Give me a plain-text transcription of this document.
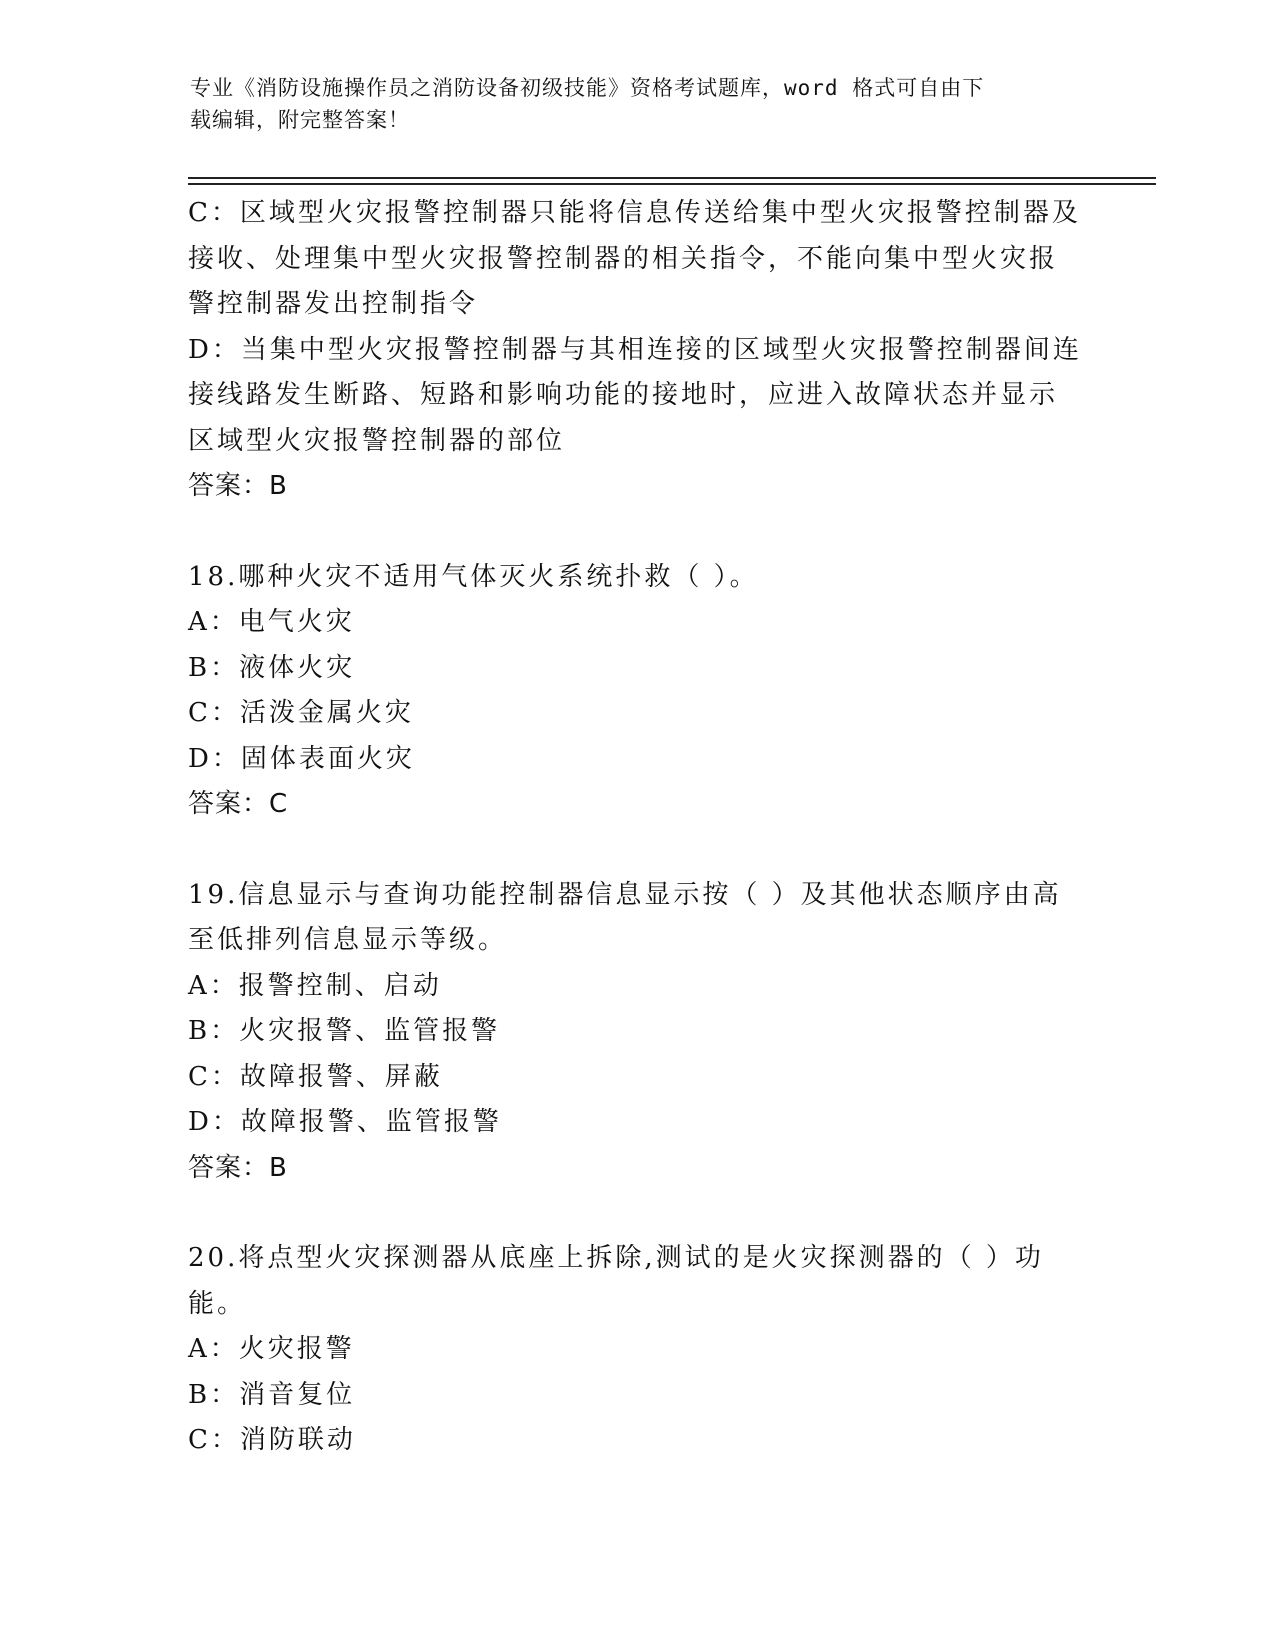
专业《消防设施操作员之消防设备初级技能》资格考试题库，word 格式可自由下
载编辑，附完整答案！
C：区域型火灾报警控制器只能将信息传送给集中型火灾报警控制器及
接收、处理集中型火灾报警控制器的相关指令，不能向集中型火灾报
警控制器发出控制指令
D：当集中型火灾报警控制器与其相连接的区域型火灾报警控制器间连
接线路发生断路、短路和影响功能的接地时，应进入故障状态并显示
区域型火灾报警控制器的部位
答案：B
18.哪种火灾不适用气体灭火系统扑救（ ）。
A：电气火灾
B：液体火灾
C：活泼金属火灾
D：固体表面火灾
答案：C
19.信息显示与查询功能控制器信息显示按（ ）及其他状态顺序由高
至低排列信息显示等级。
A：报警控制、启动
B：火灾报警、监管报警
C：故障报警、屏蔽
D：故障报警、监管报警
答案：B
20.将点型火灾探测器从底座上拆除,测试的是火灾探测器的（ ）功
能。
A：火灾报警
B：消音复位
C：消防联动
